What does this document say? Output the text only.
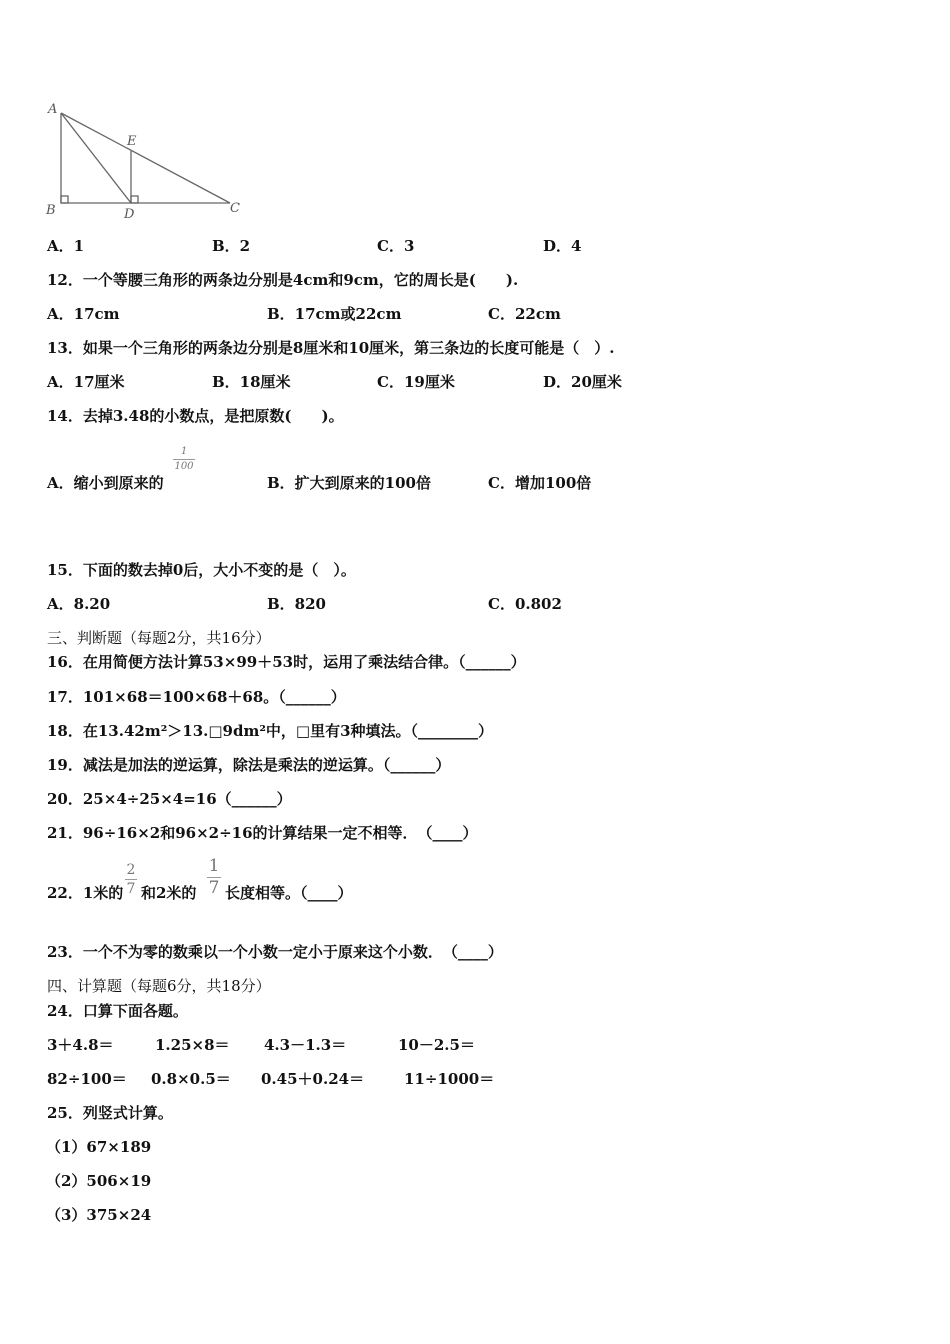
A
B	C
D
E
A．1	B．2	C．3	D．4
12．一个等腰三角形的两条边分别是4cm和9cm，它的周长是(　　).
A．17cm	B．17cm或22cm	C．22cm
13．如果一个三角形的两条边分别是8厘米和10厘米，第三条边的长度可能是（　）.
A．17厘米	B．18厘米	C．19厘米	D．20厘米
14．去掉3.48的小数点，是把原数(　　)。
A．缩小到原来的
1
100
B．扩大到原来的100倍	C．增加100倍
15．下面的数去掉0后，大小不变的是（　）。
A．8.20	B．820	C．0.802
三、判断题（每题2分，共16分）
16．在用简便方法计算53×99＋53时，运用了乘法结合律。（______）
17．101×68＝100×68＋68。（______）
18．在13.42m²＞13.□9dm²中，□里有3种填法。（________）
19．减法是加法的逆运算，除法是乘法的逆运算。（______）
20．25×4÷25×4=16（______）
21．96÷16×2和96×2÷16的计算结果一定不相等．　（____）
22．1米的
2
7 和2米的
1
7 长度相等。（____）
23．一个不为零的数乘以一个小数一定小于原来这个小数．　（____）
四、计算题（每题6分，共18分）
24．口算下面各题。
3＋4.8＝	1.25×8＝ 4.3－1.3＝	10－2.5＝
82÷100＝ 0.8×0.5＝ 0.45＋0.24＝	11÷1000＝
25．列竖式计算。
（1）67×189
（2）506×19
（3）375×24
